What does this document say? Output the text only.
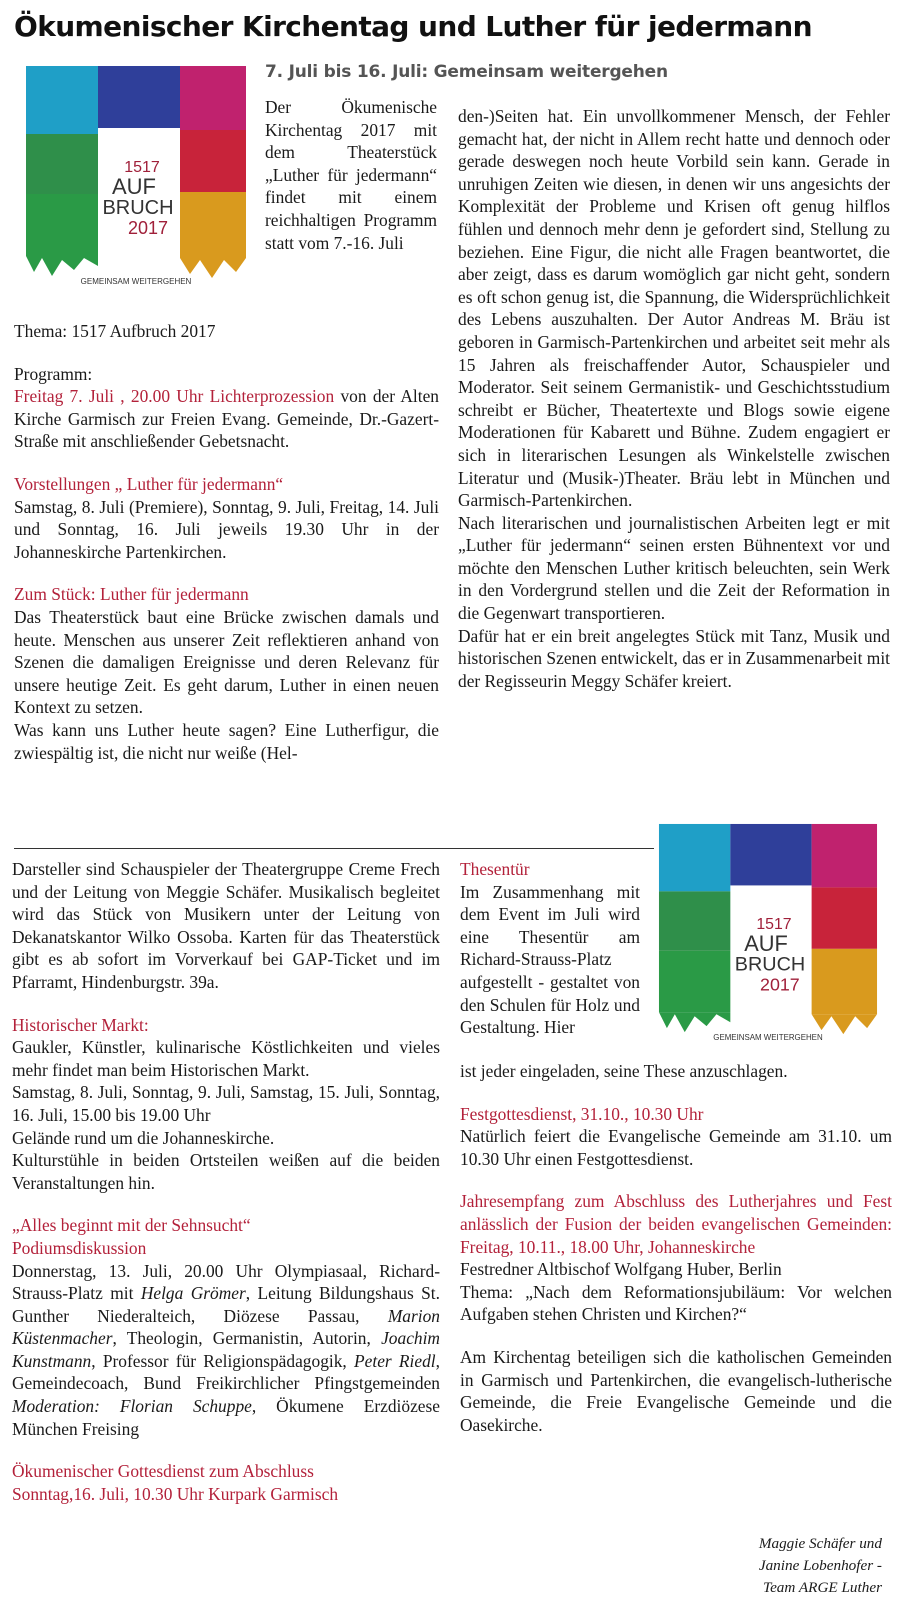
Ökumenischer Kirchentag und Luther für jedermann
1517
AUF
BRUCH
2017
GEMEINSAM WEITERGEHEN
7. Juli bis 16. Juli: Gemeinsam weitergehen
Der Ökumenische Kirchentag 2017 mit dem Theaterstück „Luther für jedermann“ findet mit einem reichhaltigen Programm statt vom 7.-16. Juli

Thema: 1517 Aufbruch 2017

Programm:

Freitag 7. Juli , 20.00 Uhr Lichterprozession von der Alten Kirche Garmisch zur Freien Evang. Gemeinde, Dr.-Gazert-Straße mit anschließender Gebetsnacht.

Vorstellungen „ Luther für jedermann“

Samstag, 8. Juli (Premiere), Sonntag, 9. Juli, Freitag, 14. Juli und Sonntag, 16. Juli jeweils 19.30 Uhr in der Johanneskirche Partenkirchen.

Zum Stück: Luther für jedermann

Das Theaterstück baut eine Brücke zwischen damals und heute. Menschen aus unserer Zeit reflektieren anhand von Szenen die damaligen Ereignisse und deren Relevanz für unsere heutige Zeit. Es geht darum, Luther in einen neuen Kontext zu setzen.

Was kann uns Luther heute sagen? Eine Lutherfigur, die zwiespältig ist, die nicht nur weiße (Hel-

den-)Seiten hat. Ein unvollkommener Mensch, der Fehler gemacht hat, der nicht in Allem recht hatte und dennoch oder gerade deswegen noch heute Vorbild sein kann. Gerade in unruhigen Zeiten wie diesen, in denen wir uns angesichts der Komplexität der Probleme und Krisen oft genug hilflos fühlen und dennoch mehr denn je gefordert sind, Stellung zu beziehen. Eine Figur, die nicht alle Fragen beantwortet, die aber zeigt, dass es darum womöglich gar nicht geht, sondern es oft schon genug ist, die Spannung, die Widersprüchlichkeit des Lebens auszuhalten. Der Autor Andreas M. Bräu ist geboren in Garmisch-Partenkirchen und arbeitet seit mehr als 15 Jahren als freischaffender Autor, Schauspieler und Moderator. Seit seinem Germanistik- und Geschichtsstudium schreibt er Bücher, Theatertexte und Blogs sowie eigene Moderationen für Kabarett und Bühne. Zudem engagiert er sich in literarischen Lesungen als Winkelstelle zwischen Literatur und (Musik-)Theater. Bräu lebt in München und Garmisch-Partenkirchen.

Nach literarischen und journalistischen Arbeiten legt er mit „Luther für jedermann“ seinen ersten Bühnentext vor und möchte den Menschen Luther kritisch beleuchten, sein Werk in den Vordergrund stellen und die Zeit der Reformation in die Gegenwart transportieren.

Dafür hat er ein breit angelegtes Stück mit Tanz, Musik und historischen Szenen entwickelt, das er in Zusammenarbeit mit der Regisseurin Meggy Schäfer kreiert.

1517
AUF
BRUCH
2017
GEMEINSAM WEITERGEHEN

Darsteller sind Schauspieler der Theatergruppe Creme Frech und der Leitung von Meggie Schäfer. Musikalisch begleitet wird das Stück von Musikern unter der Leitung von Dekanatskantor Wilko Ossoba. Karten für das Theaterstück gibt es ab sofort im Vorverkauf bei GAP-Ticket und im Pfarramt, Hindenburgstr. 39a.

Historischer Markt:

Gaukler, Künstler, kulinarische Köstlichkeiten und vieles mehr findet man beim Historischen Markt.

Samstag, 8. Juli, Sonntag, 9. Juli, Samstag, 15. Juli, Sonntag, 16. Juli, 15.00 bis 19.00 Uhr

Gelände rund um die Johanneskirche.

Kulturstühle in beiden Ortsteilen weißen auf die beiden Veranstaltungen hin.

„Alles beginnt mit der Sehnsucht“

Podiumsdiskussion

Donnerstag, 13. Juli, 20.00 Uhr Olympiasaal, Richard-Strauss-Platz mit Helga Grömer, Leitung Bildungshaus St. Gunther Niederalteich, Diözese Passau, Marion Küstenmacher, Theologin, Germanistin, Autorin, Joachim Kunstmann, Professor für Religionspädagogik, Peter Riedl, Gemeindecoach, Bund Freikirchlicher Pfingstgemeinden Moderation: Florian Schuppe, Ökumene Erzdiözese München Freising

Ökumenischer Gottesdienst zum Abschluss

Sonntag,16. Juli, 10.30 Uhr Kurpark Garmisch

Thesentür

Im Zusammenhang mit dem Event im Juli wird eine Thesentür am Richard-Strauss-Platz aufgestellt - gestaltet von den Schulen für Holz und Gestaltung. Hier

ist jeder eingeladen, seine These anzuschlagen.

Festgottesdienst, 31.10., 10.30 Uhr

Natürlich feiert die Evangelische Gemeinde am 31.10. um 10.30 Uhr einen Festgottesdienst.

Jahresempfang zum Abschluss des Lutherjahres und Fest anlässlich der Fusion der beiden evangelischen Gemeinden: Freitag, 10.11., 18.00 Uhr, Johanneskirche

Festredner Altbischof Wolfgang Huber, Berlin

Thema: „Nach dem Reformationsjubiläum: Vor welchen Aufgaben stehen Christen und Kirchen?“

Am Kirchentag beteiligen sich die katholischen Gemeinden in Garmisch und Partenkirchen, die evangelisch-lutherische Gemeinde, die Freie Evangelische Gemeinde und die Oasekirche.

Maggie Schäfer und
Janine Lobenhofer -
Team ARGE Luther
